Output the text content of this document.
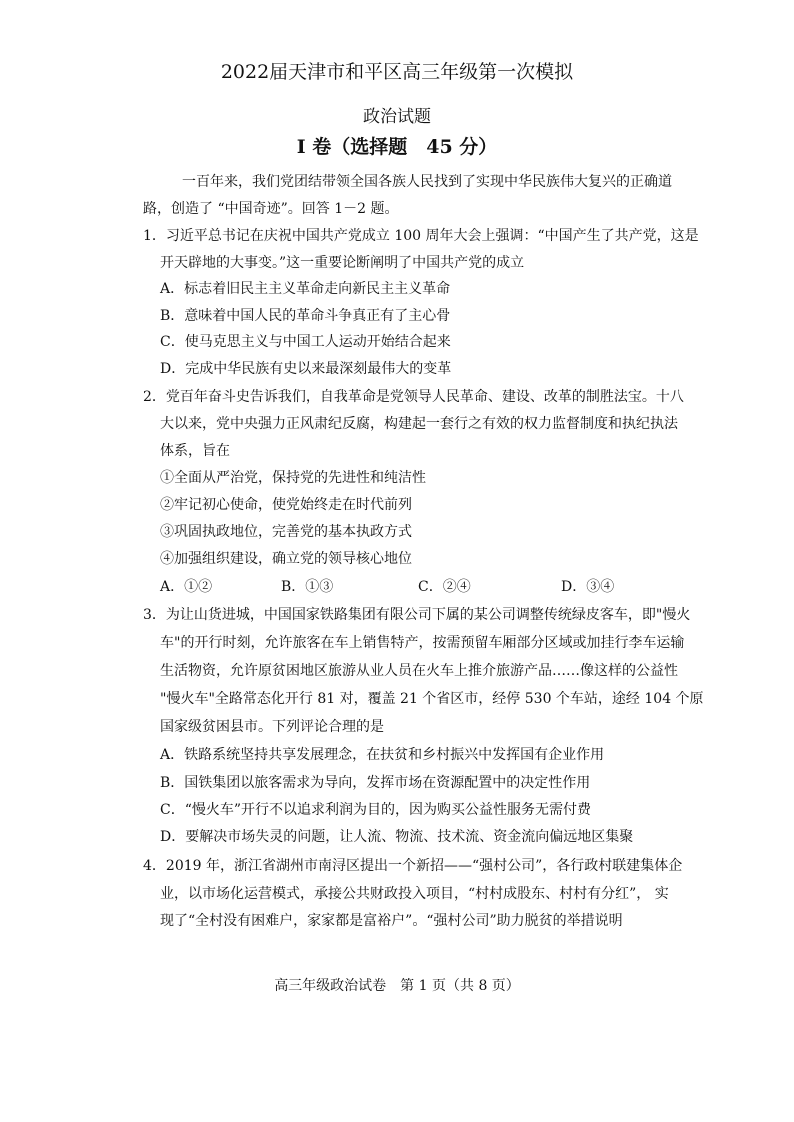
2022届天津市和平区高三年级第一次模拟
政治试题
I 卷（选择题　45 分）
一百年来，我们党团结带领全国各族人民找到了实现中华民族伟大复兴的正确道
路，创造了 “中国奇迹”。回答 1－2 题。
1．习近平总书记在庆祝中国共产党成立 100 周年大会上强调：“中国产生了共产党，这是
开天辟地的大事变。”这一重要论断阐明了中国共产党的成立
A．标志着旧民主主义革命走向新民主主义革命
B．意味着中国人民的革命斗争真正有了主心骨
C．使马克思主义与中国工人运动开始结合起来
D．完成中华民族有史以来最深刻最伟大的变革
2．党百年奋斗史告诉我们，自我革命是党领导人民革命、建设、改革的制胜法宝。十八
大以来，党中央强力正风肃纪反腐，构建起一套行之有效的权力监督制度和执纪执法
体系，旨在
①全面从严治党，保持党的先进性和纯洁性
②牢记初心使命，使党始终走在时代前列
③巩固执政地位，完善党的基本执政方式
④加强组织建设，确立党的领导核心地位
A．①②	B．①③	C．②④	D．③④
3．为让山货进城，中国国家铁路集团有限公司下属的某公司调整传统绿皮客车，即"慢火
车"的开行时刻，允许旅客在车上销售特产，按需预留车厢部分区域或加挂行李车运输
生活物资，允许原贫困地区旅游从业人员在火车上推介旅游产品……像这样的公益性
"慢火车"全路常态化开行 81 对，覆盖 21 个省区市，经停 530 个车站，途经 104 个原
国家级贫困县市。下列评论合理的是
A．铁路系统坚持共享发展理念，在扶贫和乡村振兴中发挥国有企业作用
B．国铁集团以旅客需求为导向，发挥市场在资源配置中的决定性作用
C．“慢火车”开行不以追求利润为目的，因为购买公益性服务无需付费
D．要解决市场失灵的问题，让人流、物流、技术流、资金流向偏远地区集聚
4．2019 年，浙江省湖州市南浔区提出一个新招——“强村公司”，各行政村联建集体企
业，以市场化运营模式，承接公共财政投入项目，“村村成股东、村村有分红”， 实
现了“全村没有困难户，家家都是富裕户”。“强村公司”助力脱贫的举措说明
高三年级政治试卷　第 1 页（共 8 页）
